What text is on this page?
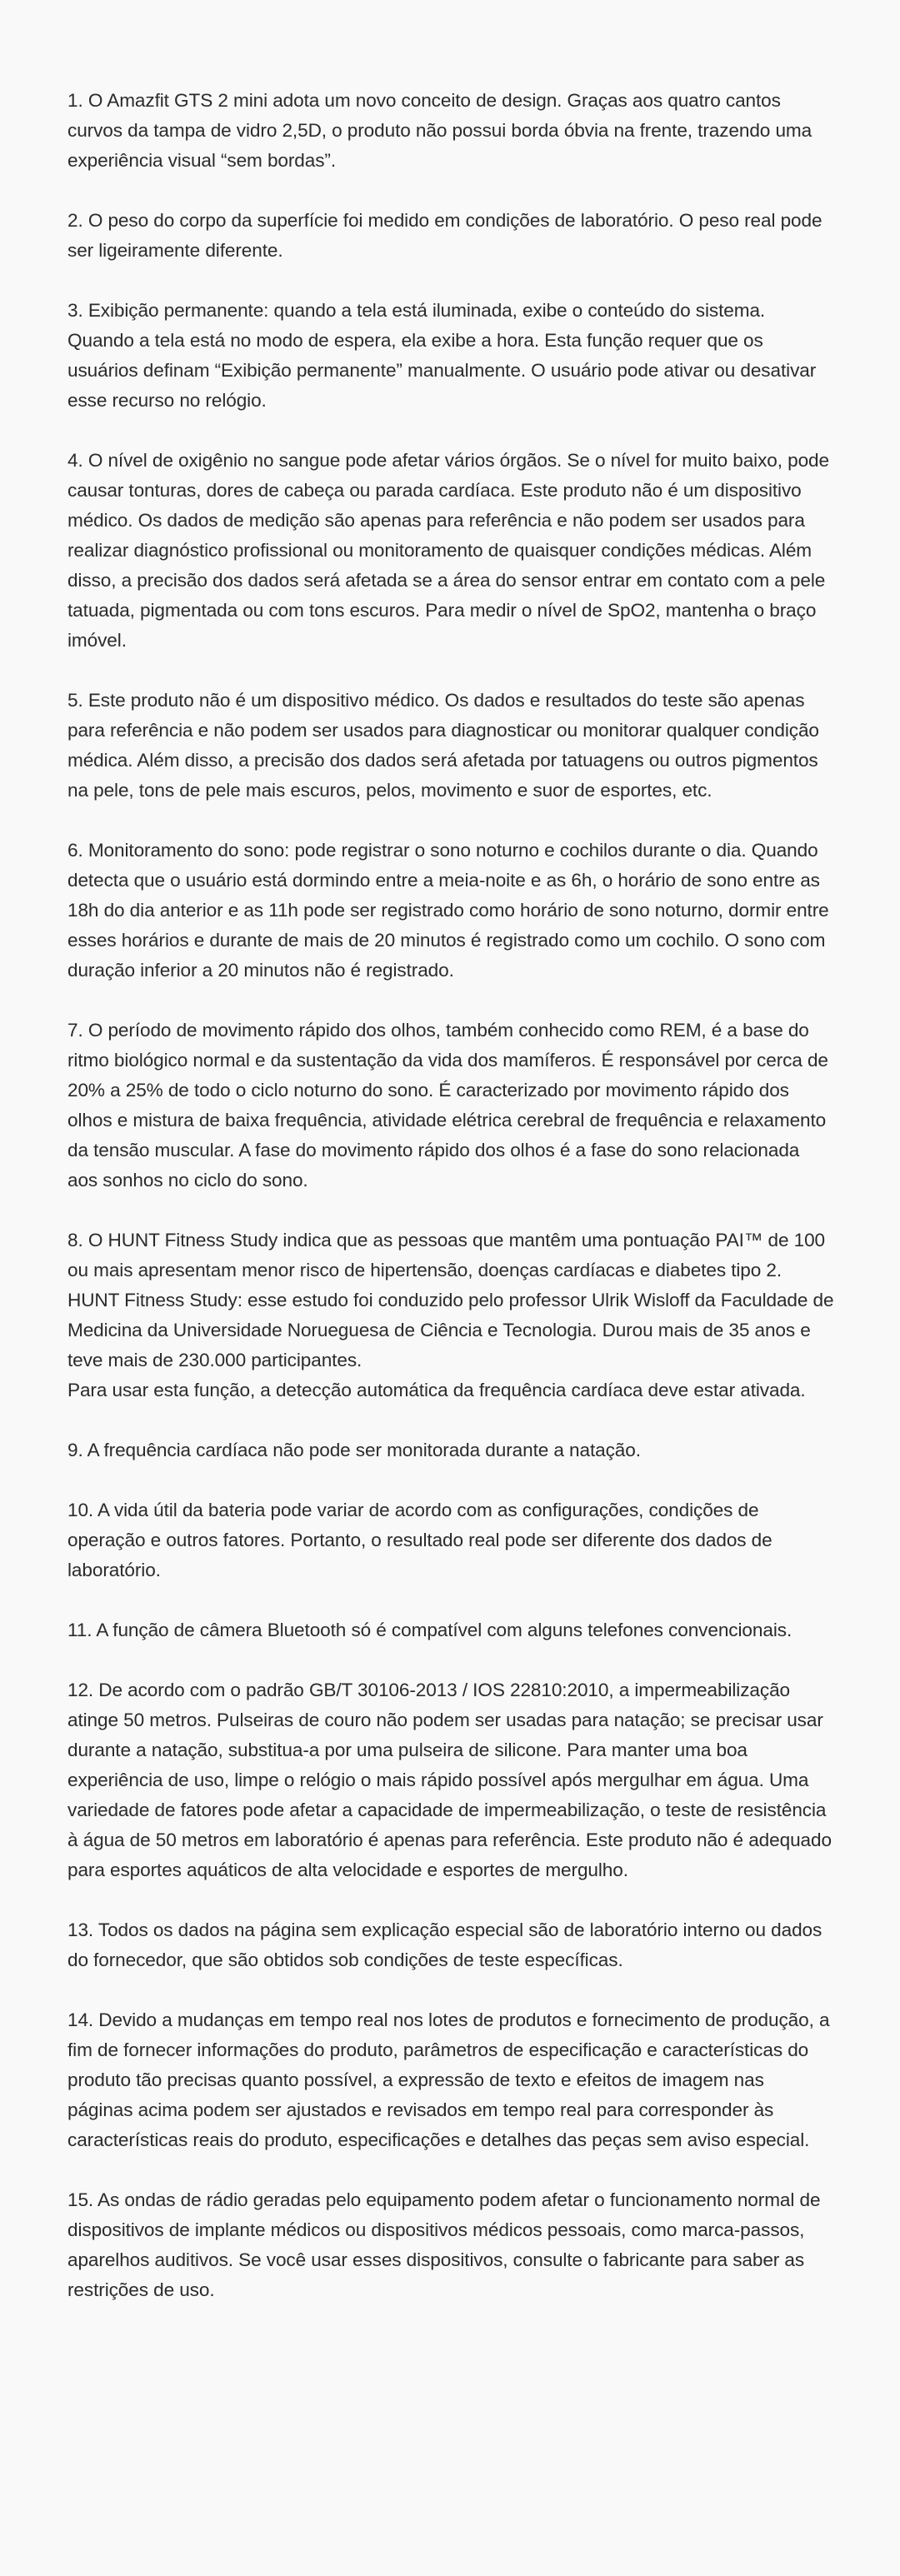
1. O Amazfit GTS 2 mini adota um novo conceito de design. Graças aos quatro cantos curvos da tampa de vidro 2,5D, o produto não possui borda óbvia na frente, trazendo uma experiência visual “sem bordas”.

2. O peso do corpo da superfície foi medido em condições de laboratório. O peso real pode ser ligeiramente diferente.

3. Exibição permanente: quando a tela está iluminada, exibe o conteúdo do sistema. Quando a tela está no modo de espera, ela exibe a hora. Esta função requer que os usuários definam “Exibição permanente” manualmente. O usuário pode ativar ou desativar esse recurso no relógio.

4. O nível de oxigênio no sangue pode afetar vários órgãos. Se o nível for muito baixo, pode causar tonturas, dores de cabeça ou parada cardíaca. Este produto não é um dispositivo médico. Os dados de medição são apenas para referência e não podem ser usados para realizar diagnóstico profissional ou monitoramento de quaisquer condições médicas. Além disso, a precisão dos dados será afetada se a área do sensor entrar em contato com a pele tatuada, pigmentada ou com tons escuros. Para medir o nível de SpO2, mantenha o braço imóvel.

5. Este produto não é um dispositivo médico. Os dados e resultados do teste são apenas para referência e não podem ser usados para diagnosticar ou monitorar qualquer condição médica. Além disso, a precisão dos dados será afetada por tatuagens ou outros pigmentos na pele, tons de pele mais escuros, pelos, movimento e suor de esportes, etc.

6. Monitoramento do sono: pode registrar o sono noturno e cochilos durante o dia. Quando detecta que o usuário está dormindo entre a meia-noite e as 6h, o horário de sono entre as 18h do dia anterior e as 11h pode ser registrado como horário de sono noturno, dormir entre esses horários e durante de mais de 20 minutos é registrado como um cochilo. O sono com duração inferior a 20 minutos não é registrado.

7. O período de movimento rápido dos olhos, também conhecido como REM, é a base do ritmo biológico normal e da sustentação da vida dos mamíferos. É responsável por cerca de 20% a 25% de todo o ciclo noturno do sono. É caracterizado por movimento rápido dos olhos e mistura de baixa frequência, atividade elétrica cerebral de frequência e relaxamento da tensão muscular. A fase do movimento rápido dos olhos é a fase do sono relacionada aos sonhos no ciclo do sono.

8. O HUNT Fitness Study indica que as pessoas que mantêm uma pontuação PAI™ de 100 ou mais apresentam menor risco de hipertensão, doenças cardíacas e diabetes tipo 2. HUNT Fitness Study: esse estudo foi conduzido pelo professor Ulrik Wisloff da Faculdade de Medicina da Universidade Norueguesa de Ciência e Tecnologia. Durou mais de 35 anos e teve mais de 230.000 participantes.
Para usar esta função, a detecção automática da frequência cardíaca deve estar ativada.

9. A frequência cardíaca não pode ser monitorada durante a natação.

10. A vida útil da bateria pode variar de acordo com as configurações, condições de operação e outros fatores. Portanto, o resultado real pode ser diferente dos dados de laboratório.

11. A função de câmera Bluetooth só é compatível com alguns telefones convencionais.

12. De acordo com o padrão GB/T 30106-2013 / IOS 22810:2010, a impermeabilização atinge 50 metros. Pulseiras de couro não podem ser usadas para natação; se precisar usar durante a natação, substitua-a por uma pulseira de silicone. Para manter uma boa experiência de uso, limpe o relógio o mais rápido possível após mergulhar em água. Uma variedade de fatores pode afetar a capacidade de impermeabilização, o teste de resistência à água de 50 metros em laboratório é apenas para referência. Este produto não é adequado para esportes aquáticos de alta velocidade e esportes de mergulho.

13. Todos os dados na página sem explicação especial são de laboratório interno ou dados do fornecedor, que são obtidos sob condições de teste específicas.

14. Devido a mudanças em tempo real nos lotes de produtos e fornecimento de produção, a fim de fornecer informações do produto, parâmetros de especificação e características do produto tão precisas quanto possível, a expressão de texto e efeitos de imagem nas páginas acima podem ser ajustados e revisados em tempo real para corresponder às características reais do produto, especificações e detalhes das peças sem aviso especial.

15. As ondas de rádio geradas pelo equipamento podem afetar o funcionamento normal de dispositivos de implante médicos ou dispositivos médicos pessoais, como marca-passos, aparelhos auditivos. Se você usar esses dispositivos, consulte o fabricante para saber as restrições de uso.
